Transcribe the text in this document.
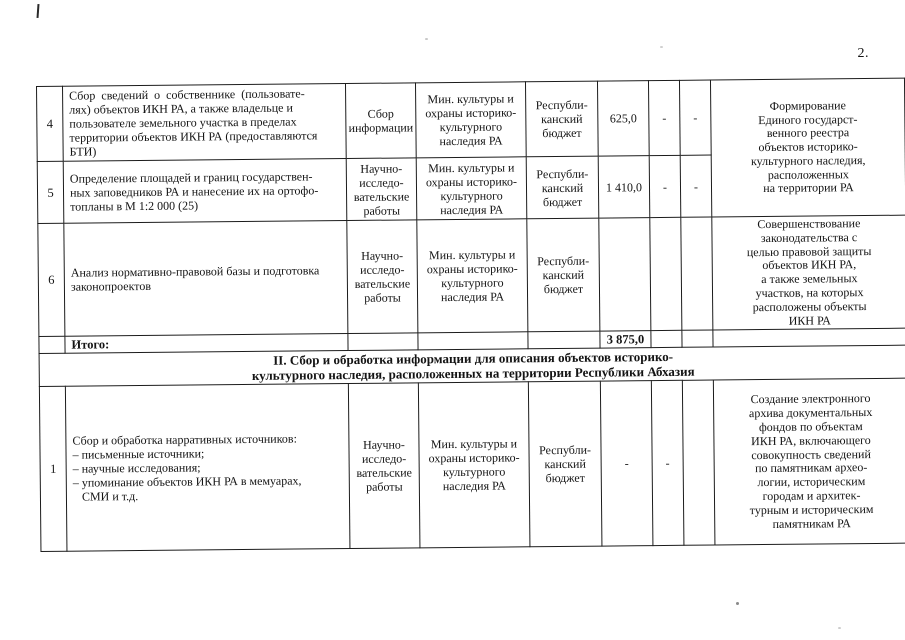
2.
4	Сбор  сведений  о  собственнике  (пользовате-
лях) объектов ИКН РА, а также владельце и
пользователе земельного участка в пределах
территории объектов ИКН РА (предоставляются
БТИ)	Сбор
информации	Мин. культуры и
охраны историко-
культурного
наследия РА	Республи-
канский
бюджет	625,0	-	-	Формирование
Единого государст-
венного реестра
объектов историко-
культурного наследия,
расположенных
на территории РА
5	Определение площадей и границ государствен-
ных заповедников РА и нанесение их на ортофо-
топланы в М 1:2 000 (25)	Научно-
исследо-
вательские
работы	Мин. культуры и
охраны историко-
культурного
наследия РА	Республи-
канский
бюджет	1 410,0	-	-	
6	Анализ нормативно-правовой базы и подготовка
законопроектов	Научно-
исследо-
вательские
работы	Мин. культуры и
охраны историко-
культурного
наследия РА	Республи-
канский
бюджет				Совершенствование
законодательства с
целью правовой защиты
объектов ИКН РА,
а также земельных
участков, на которых
расположены объекты
ИКН РА
	Итого:				3 875,0			
II. Сбор и обработка информации для описания объектов историко-
культурного наследия, расположенных на территории Республики Абхазия								
1	Сбор и обработка нарративных источников:
– письменные источники;
– научные исследования;
– упоминание объектов ИКН РА в мемуарах,
СМИ и т.д.	Научно-
исследо-
вательские
работы	Мин. культуры и
охраны историко-
культурного
наследия РА	Республи-
канский
бюджет	-	-		Создание электронного
архива документальных
фондов по объектам
ИКН РА, включающего
совокупность сведений
по памятникам архео-
логии, историческим
городам и архитек-
турным и историческим
памятникам РА
